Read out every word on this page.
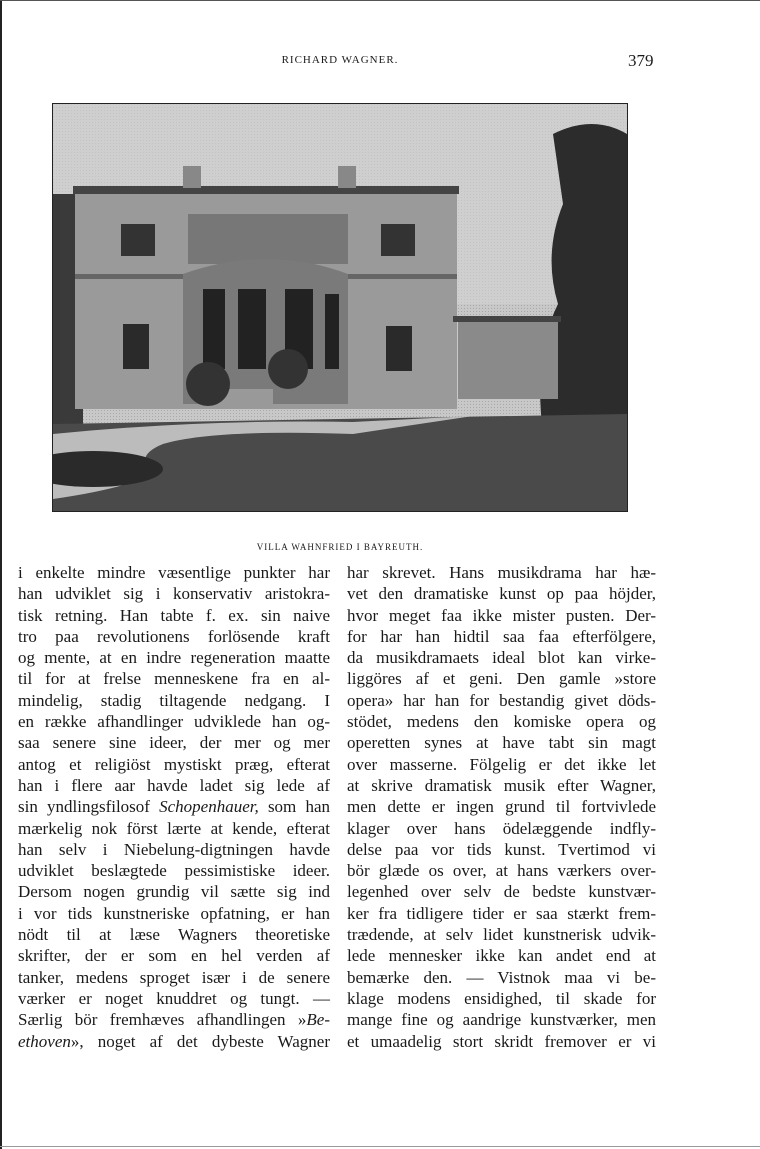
RICHARD WAGNER.	379
VILLA WAHNFRIED I BAYREUTH.
i enkelte mindre væsentlige punkter har
han udviklet sig i konservativ aristokra-
tisk retning. Han tabte f. ex. sin naive
tro paa revolutionens forlösende kraft
og mente, at en indre regeneration maatte
til for at frelse menneskene fra en al-
mindelig, stadig tiltagende nedgang. I
en række afhandlinger udviklede han og-
saa senere sine ideer, der mer og mer
antog et religiöst mystiskt præg, efterat
han i flere aar havde ladet sig lede af
sin yndlingsfilosof Schopenhauer, som han
mærkelig nok först lærte at kende, efterat
han selv i Niebelung-digtningen havde
udviklet beslægtede pessimistiske ideer.
Dersom nogen grundig vil sætte sig ind
i vor tids kunstneriske opfatning, er han
nödt til at læse Wagners theoretiske
skrifter, der er som en hel verden af
tanker, medens sproget især i de senere
værker er noget knuddret og tungt. —
Særlig bör fremhæves afhandlingen »Be-
ethoven», noget af det dybeste Wagner
har skrevet. Hans musikdrama har hæ-
vet den dramatiske kunst op paa höjder,
hvor meget faa ikke mister pusten. Der-
for har han hidtil saa faa efterfölgere,
da musikdramaets ideal blot kan virke-
liggöres af et geni. Den gamle »store
opera» har han for bestandig givet döds-
stödet, medens den komiske opera og
operetten synes at have tabt sin magt
over masserne. Fölgelig er det ikke let
at skrive dramatisk musik efter Wagner,
men dette er ingen grund til fortvivlede
klager over hans ödelæggende indfly-
delse paa vor tids kunst. Tvertimod vi
bör glæde os over, at hans værkers over-
legenhed over selv de bedste kunstvær-
ker fra tidligere tider er saa stærkt frem-
trædende, at selv lidet kunstnerisk udvik-
lede mennesker ikke kan andet end at
bemærke den. — Vistnok maa vi be-
klage modens ensidighed, til skade for
mange fine og aandrige kunstværker, men
et umaadelig stort skridt fremover er vi
